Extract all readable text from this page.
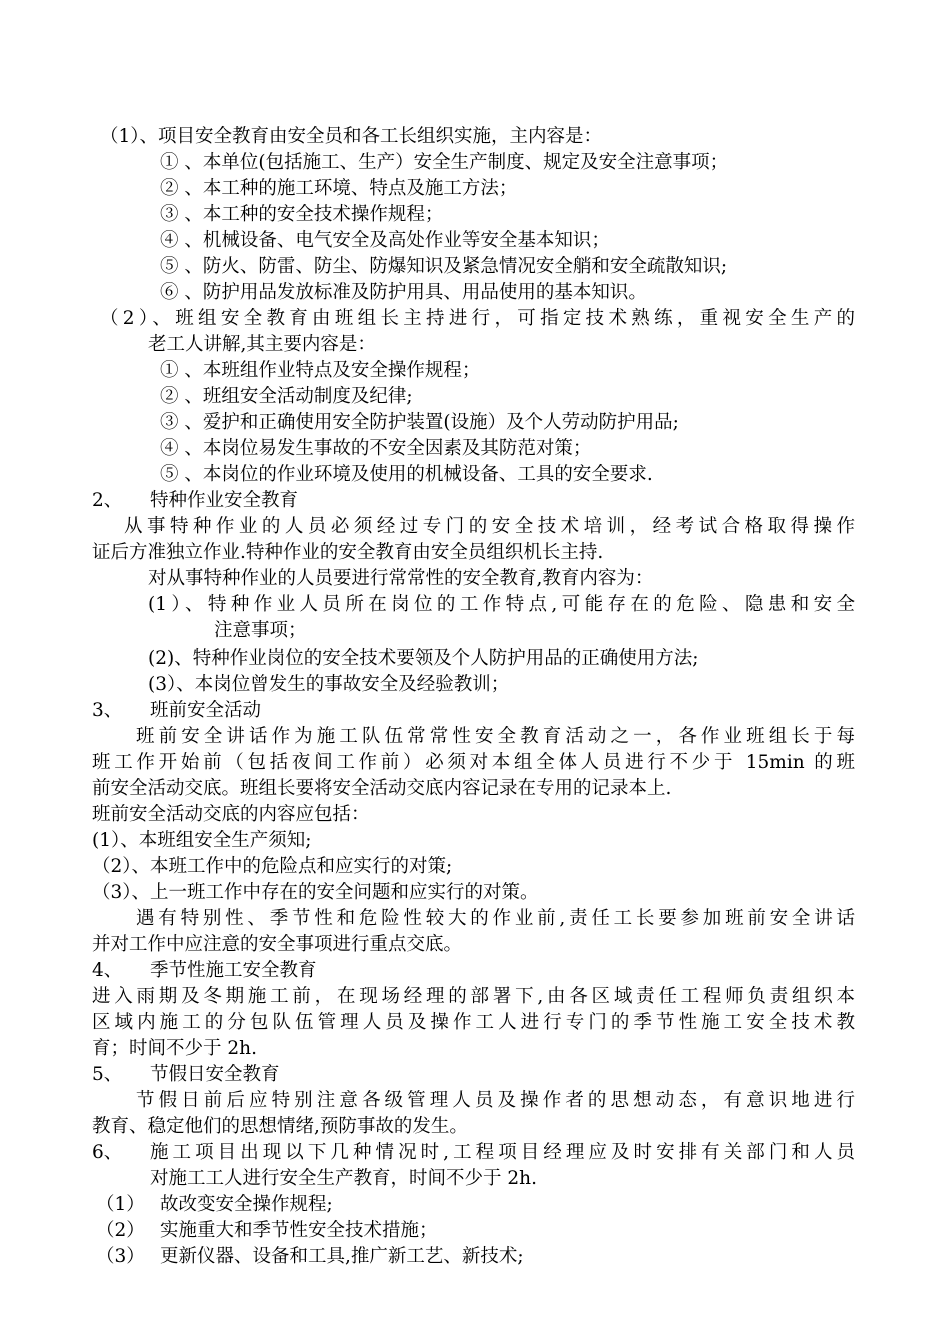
（1）、项目安全教育由安全员和各工长组织实施，主内容是：
① 、本单位(包括施工、生产）安全生产制度、规定及安全注意事项；
② 、本工种的施工环境、特点及施工方法；
③ 、本工种的安全技术操作规程；
④ 、机械设备、电气安全及高处作业等安全基本知识；
⑤ 、防火、防雷、防尘、防爆知识及紧急情况安全艄和安全疏散知识;
⑥ 、防护用品发放标准及防护用具、用品使用的基本知识。
（2）、班组安全教育由班组长主持进行，可指定技术熟练，重视安全生产的
老工人讲解,其主要内容是：
① 、本班组作业特点及安全操作规程；
② 、班组安全活动制度及纪律;
③ 、爱护和正确使用安全防护装置(设施）及个人劳动防护用品;
④ 、本岗位易发生事故的不安全因素及其防范对策；
⑤ 、本岗位的作业环境及使用的机械设备、工具的安全要求.
2、 特种作业安全教育
从事特种作业的人员必须经过专门的安全技术培训，经考试合格取得操作
证后方准独立作业.特种作业的安全教育由安全员组织机长主持.
对从事特种作业的人员要进行常常性的安全教育,教育内容为：
(1）、特种作业人员所在岗位的工作特点,可能存在的危险、隐患和安全
注意事项；
(2)、特种作业岗位的安全技术要领及个人防护用品的正确使用方法;
(3）、本岗位曾发生的事故安全及经验教训；
3、 班前安全活动
班前安全讲话作为施工队伍常常性安全教育活动之一，各作业班组长于每
班工作开始前（包括夜间工作前）必须对本组全体人员进行不少于 15min 的班
前安全活动交底。班组长要将安全活动交底内容记录在专用的记录本上.
班前安全活动交底的内容应包括：
(1）、本班组安全生产须知;
（2）、本班工作中的危险点和应实行的对策;
（3）、上一班工作中存在的安全问题和应实行的对策。
遇有特别性、季节性和危险性较大的作业前,责任工长要参加班前安全讲话
并对工作中应注意的安全事项进行重点交底。
4、 季节性施工安全教育
进入雨期及冬期施工前，在现场经理的部署下,由各区域责任工程师负责组织本
区域内施工的分包队伍管理人员及操作工人进行专门的季节性施工安全技术教
育；时间不少于 2h.
5、 节假日安全教育
节假日前后应特别注意各级管理人员及操作者的思想动态，有意识地进行
教育、稳定他们的思想情绪,预防事故的发生。
6、 施工项目出现以下几种情况时,工程项目经理应及时安排有关部门和人员
对施工工人进行安全生产教育，时间不少于 2h.
（1） 故改变安全操作规程;
（2） 实施重大和季节性安全技术措施；
（3） 更新仪器、设备和工具,推广新工艺、新技术;
